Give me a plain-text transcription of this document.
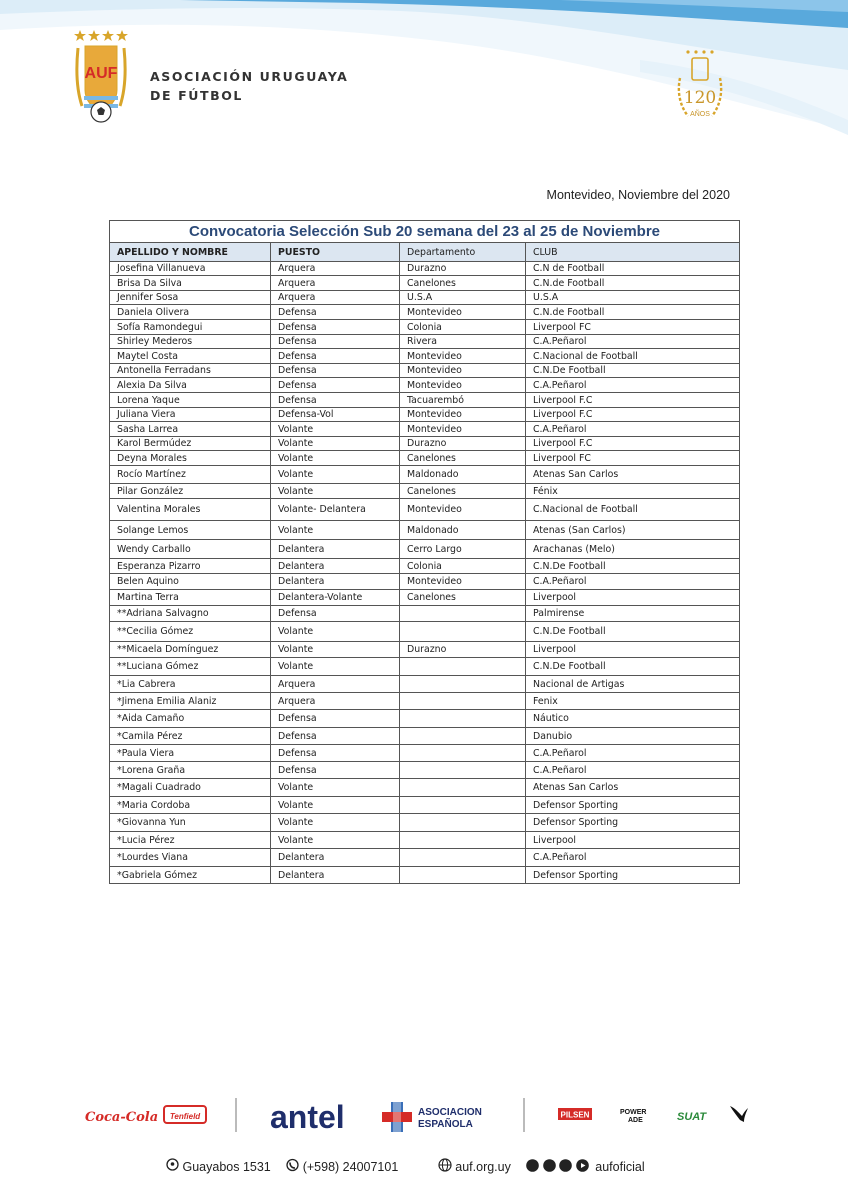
AUF	ASOCIACIÓN URUGUAYA
DE FÚTBOL	120
AÑOS
Montevideo, Noviembre del 2020
Convocatoria Selección Sub 20 semana del 23 al 25 de Noviembre			
APELLIDO Y NOMBRE	PUESTO	Departamento	CLUB
Josefina Villanueva	Arquera	Durazno	C.N de Football
Brisa Da Silva	Arquera	Canelones	C.N.de Football
Jennifer Sosa	Arquera	U.S.A	U.S.A
Daniela Olivera	Defensa	Montevideo	C.N.de Football
Sofía Ramondegui	Defensa	Colonia	Liverpool FC
Shirley Mederos	Defensa	Rivera	C.A.Peñarol
Maytel Costa	Defensa	Montevideo	C.Nacional de Football
Antonella Ferradans	Defensa	Montevideo	C.N.De Football
Alexia Da Silva	Defensa	Montevideo	C.A.Peñarol
Lorena Yaque	Defensa	Tacuarembó	Liverpool F.C
Juliana Viera	Defensa-Vol	Montevideo	Liverpool F.C
Sasha Larrea	Volante	Montevideo	C.A.Peñarol
Karol Bermúdez	Volante	Durazno	Liverpool F.C
Deyna Morales	Volante	Canelones	Liverpool FC
Rocío Martínez	Volante	Maldonado	Atenas San Carlos
Pilar González	Volante	Canelones	Fénix
Valentina Morales	Volante- Delantera	Montevideo	C.Nacional de Football
Solange Lemos	Volante	Maldonado	Atenas (San Carlos)
Wendy Carballo	Delantera	Cerro Largo	Arachanas (Melo)
Esperanza Pizarro	Delantera	Colonia	C.N.De Football
Belen Aquino	Delantera	Montevideo	C.A.Peñarol
Martina Terra	Delantera-Volante	Canelones	Liverpool
**Adriana Salvagno	Defensa		Palmirense
**Cecilia Gómez	Volante		C.N.De Football
**Micaela Domínguez	Volante	Durazno	Liverpool
**Luciana Gómez	Volante		C.N.De Football
*Lia Cabrera	Arquera		Nacional de Artigas
*Jimena Emilia Alaniz	Arquera		Fenix
*Aida Camaño	Defensa		Náutico
*Camila Pérez	Defensa		Danubio
*Paula Viera	Defensa		C.A.Peñarol
*Lorena Graña	Defensa		C.A.Peñarol
*Magali Cuadrado	Volante		Atenas San Carlos
*Maria Cordoba	Volante		Defensor Sporting
*Giovanna Yun	Volante		Defensor Sporting
*Lucia Pérez	Volante		Liverpool
*Lourdes Viana	Delantera		C.A.Peñarol
*Gabriela Gómez	Delantera		Defensor Sporting
Coca-Cola Tenfield antel	ASOCIACION
ESPAÑOLA
PILSEN	POWER
ADE	SUAT
Guayabos 1531	(+598) 24007101	auf.org.uy	aufoficial
